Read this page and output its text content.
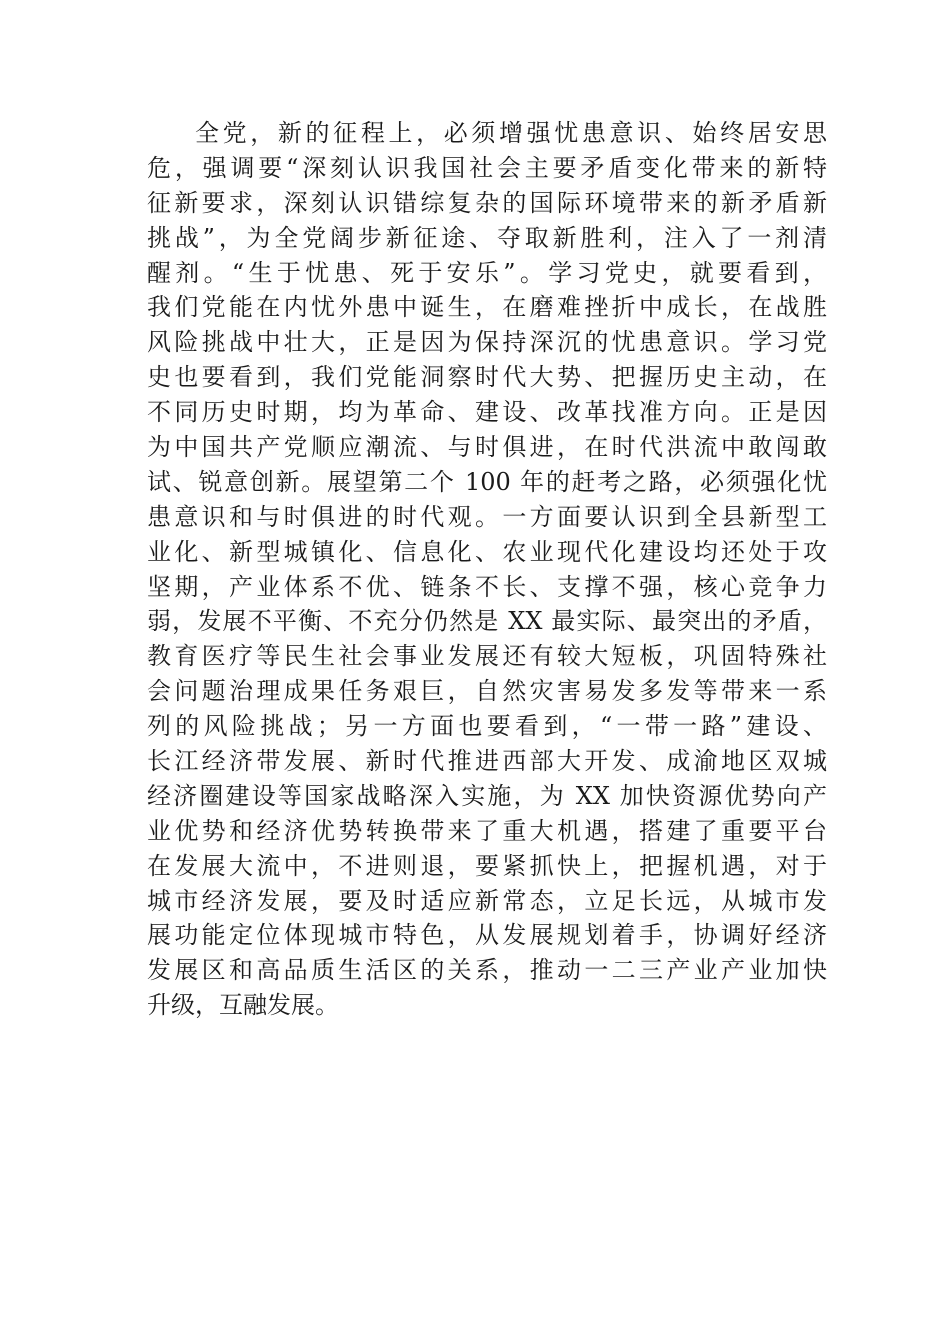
全党，新的征程上，必须增强忧患意识、始终居安思
危，强调要“深刻认识我国社会主要矛盾变化带来的新特
征新要求，深刻认识错综复杂的国际环境带来的新矛盾新
挑战”，为全党阔步新征途、夺取新胜利，注入了一剂清
醒剂。“生于忧患、死于安乐”。学习党史，就要看到，
我们党能在内忧外患中诞生，在磨难挫折中成长，在战胜
风险挑战中壮大，正是因为保持深沉的忧患意识。学习党
史也要看到，我们党能洞察时代大势、把握历史主动，在
不同历史时期，均为革命、建设、改革找准方向。正是因
为中国共产党顺应潮流、与时俱进，在时代洪流中敢闯敢
试、锐意创新。展望第二个 100 年的赶考之路，必须强化忧
患意识和与时俱进的时代观。一方面要认识到全县新型工
业化、新型城镇化、信息化、农业现代化建设均还处于攻
坚期，产业体系不优、链条不长、支撑不强，核心竞争力
弱，发展不平衡、不充分仍然是 XX 最实际、最突出的矛盾，
教育医疗等民生社会事业发展还有较大短板，巩固特殊社
会问题治理成果任务艰巨，自然灾害易发多发等带来一系
列的风险挑战；另一方面也要看到，“一带一路”建设、
长江经济带发展、新时代推进西部大开发、成渝地区双城
经济圈建设等国家战略深入实施，为 XX 加快资源优势向产
业优势和经济优势转换带来了重大机遇，搭建了重要平台
在发展大流中，不进则退，要紧抓快上，把握机遇，对于
城市经济发展，要及时适应新常态，立足长远，从城市发
展功能定位体现城市特色，从发展规划着手，协调好经济
发展区和高品质生活区的关系，推动一二三产业产业加快
升级，互融发展。
